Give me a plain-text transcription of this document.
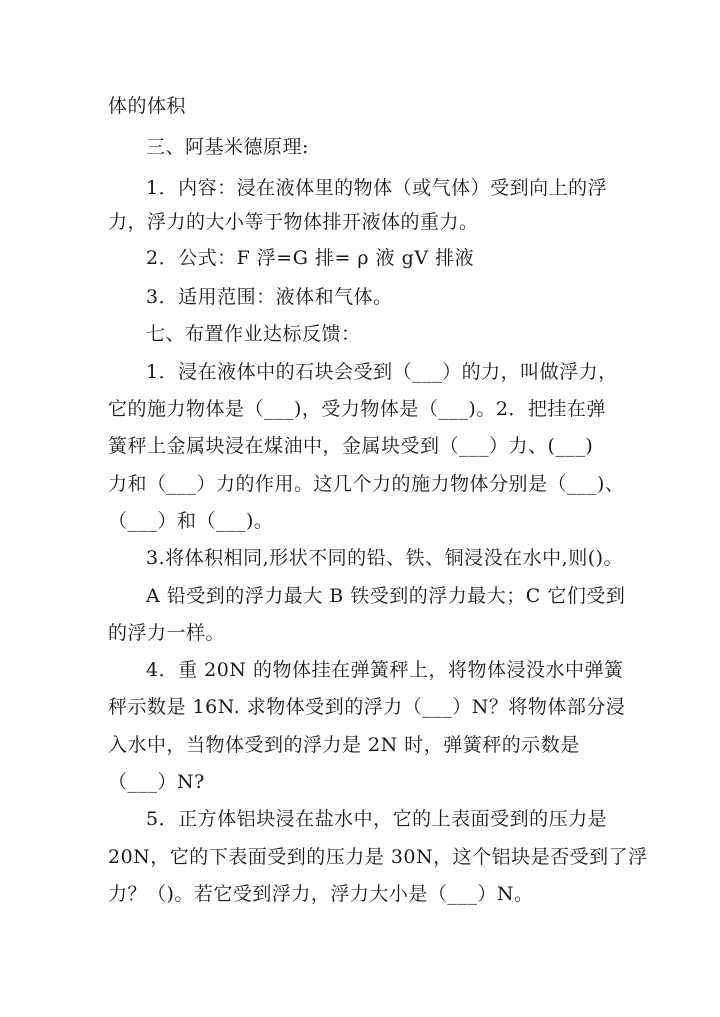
体的体积
三、阿基米德原理:
1．内容：浸在液体里的物体（或气体）受到向上的浮
力，浮力的大小等于物体排开液体的重力。
2．公式：F 浮=G 排= ρ 液 gV 排液
3．适用范围：液体和气体。
七、布置作业达标反馈：
1．浸在液体中的石块会受到（___）的力，叫做浮力，
它的施力物体是（___)，受力物体是（___)。2．把挂在弹
簧秤上金属块浸在煤油中，金属块受到（___）力、(___)
力和（___）力的作用。这几个力的施力物体分别是（___)、
（___）和（___)。
3.将体积相同,形状不同的铅、铁、铜浸没在水中,则()。
A 铅受到的浮力最大 B 铁受到的浮力最大；C 它们受到
的浮力一样。
4．重 20N 的物体挂在弹簧秤上，将物体浸没水中弹簧
秤示数是 16N. 求物体受到的浮力（___）N？将物体部分浸
入水中，当物体受到的浮力是 2N 时，弹簧秤的示数是
（___）N?
5．正方体铝块浸在盐水中，它的上表面受到的压力是
20N，它的下表面受到的压力是 30N，这个铝块是否受到了浮
力？（)。若它受到浮力，浮力大小是（___）N。
